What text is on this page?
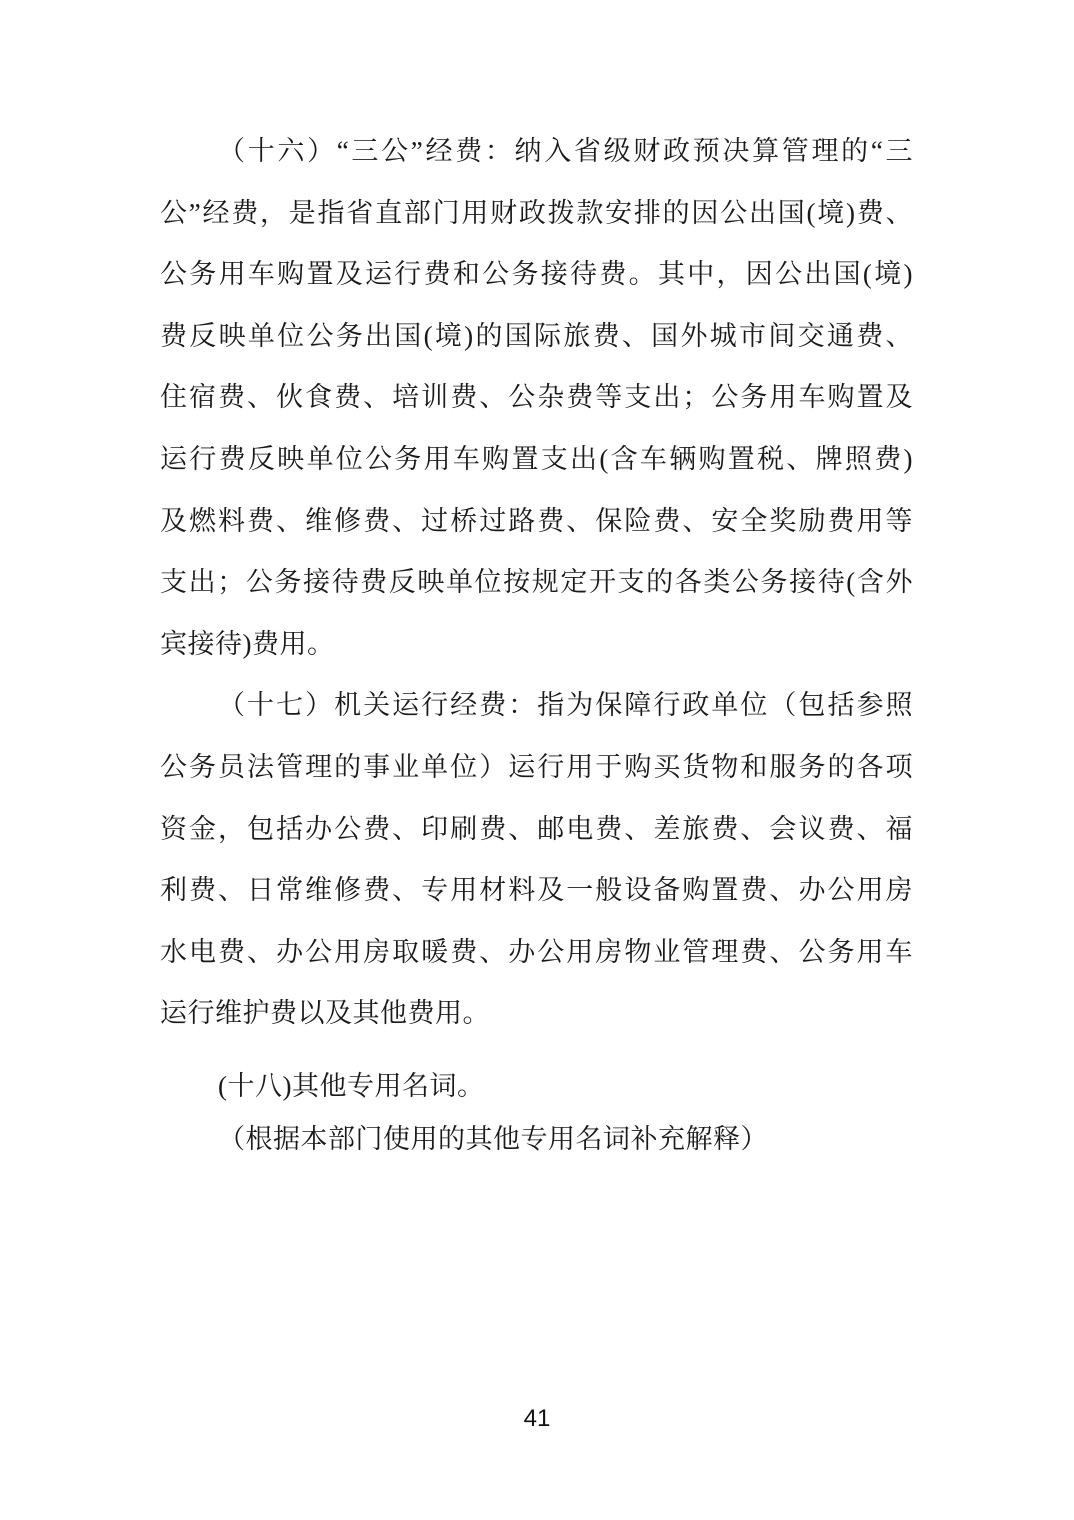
（十六）“三公”经费：纳入省级财政预决算管理的“三
公”经费，是指省直部门用财政拨款安排的因公出国(境)费、
公务用车购置及运行费和公务接待费。其中，因公出国(境)
费反映单位公务出国(境)的国际旅费、国外城市间交通费、
住宿费、伙食费、培训费、公杂费等支出；公务用车购置及
运行费反映单位公务用车购置支出(含车辆购置税、牌照费)
及燃料费、维修费、过桥过路费、保险费、安全奖励费用等
支出；公务接待费反映单位按规定开支的各类公务接待(含外
宾接待)费用。
（十七）机关运行经费：指为保障行政单位（包括参照
公务员法管理的事业单位）运行用于购买货物和服务的各项
资金，包括办公费、印刷费、邮电费、差旅费、会议费、福
利费、日常维修费、专用材料及一般设备购置费、办公用房
水电费、办公用房取暖费、办公用房物业管理费、公务用车
运行维护费以及其他费用。
(十八)其他专用名词。
（根据本部门使用的其他专用名词补充解释）
41
